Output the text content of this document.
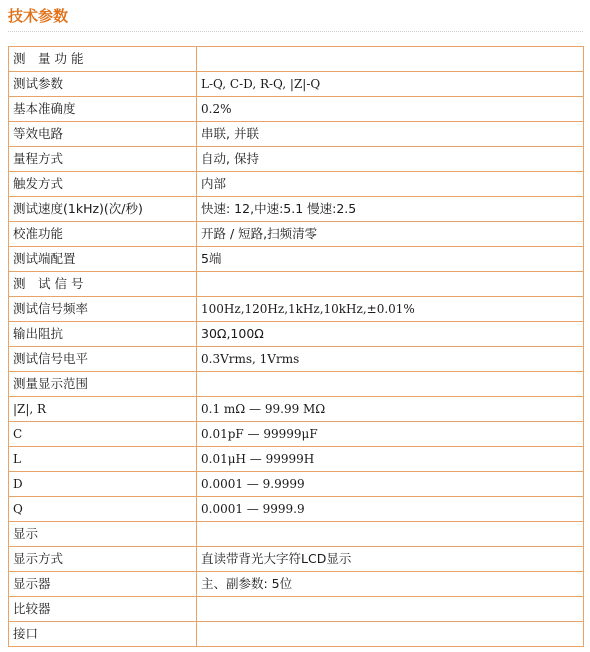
技术参数
测　量 功 能	
测试参数	L-Q, C-D, R-Q, |Z|-Q
基本准确度	0.2%
等效电路	串联, 并联
量程方式	自动, 保持
触发方式	内部
测试速度(1kHz)(次/秒)	快速: 12,中速:5.1 慢速:2.5
校准功能	开路 / 短路,扫频清零
测试端配置	5端
测　试 信 号	
测试信号频率	100Hz,120Hz,1kHz,10kHz,±0.01%
输出阻抗	30Ω,100Ω
测试信号电平	0.3Vrms, 1Vrms
测量显示范围	
|Z|, R	0.1 mΩ — 99.99 MΩ
C	0.01pF — 99999μF
L	0.01μH — 99999H
D	0.0001 — 9.9999
Q	0.0001 — 9999.9
显示	
显示方式	直读带背光大字符LCD显示
显示器	主、副参数: 5位
比较器	
接口	
